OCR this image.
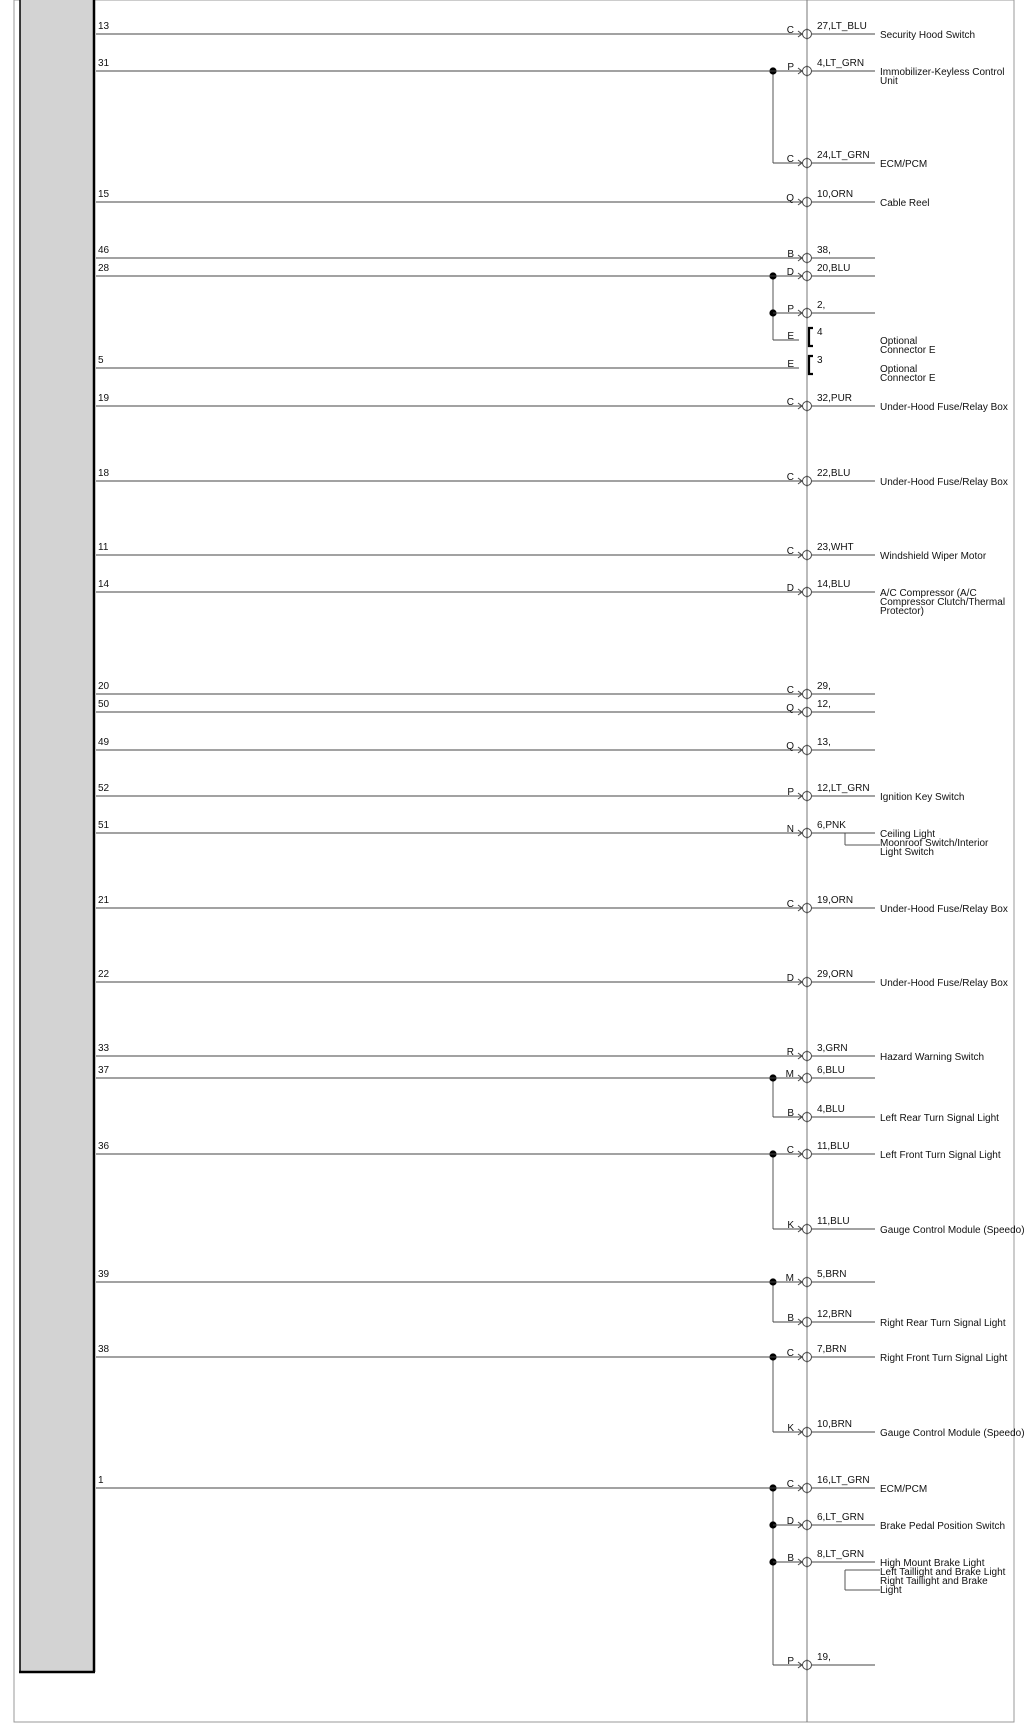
13	C 27,LT_BLU
Security Hood Switch
31	P 4,LT_GRN
Immobilizer-Keyless Control
Unit
C 24,LT_GRN
ECM/PCM
15	Q 10,ORN
Cable Reel
46	B 38,
28	D 20,BLU
P 2,
E 4
Optional
Connector E
5	E 3
Optional
Connector E
19	C 32,PUR
Under-Hood Fuse/Relay Box
18	C 22,BLU
Under-Hood Fuse/Relay Box
11	C 23,WHT
Windshield Wiper Motor
14	D 14,BLU
A/C Compressor (A/C
Compressor Clutch/Thermal
Protector)
20	C 29,
50	Q 12,
49	Q 13,
52	P 12,LT_GRN
Ignition Key Switch
51	N 6,PNK
Ceiling Light
Moonroof Switch/Interior
Light Switch
21	C 19,ORN
Under-Hood Fuse/Relay Box
22	D 29,ORN
Under-Hood Fuse/Relay Box
33	R 3,GRN
Hazard Warning Switch
37	M 6,BLU
B 4,BLU
Left Rear Turn Signal Light
36	C 11,BLU
Left Front Turn Signal Light
K 11,BLU
Gauge Control Module (Speedo)
39	M 5,BRN
B 12,BRN
Right Rear Turn Signal Light
38	C 7,BRN
Right Front Turn Signal Light
K 10,BRN
Gauge Control Module (Speedo)
1	C 16,LT_GRN
ECM/PCM
D 6,LT_GRN
Brake Pedal Position Switch
B 8,LT_GRN
High Mount Brake Light
Left Taillight and Brake Light
Right Taillight and Brake
Light
P 19,
